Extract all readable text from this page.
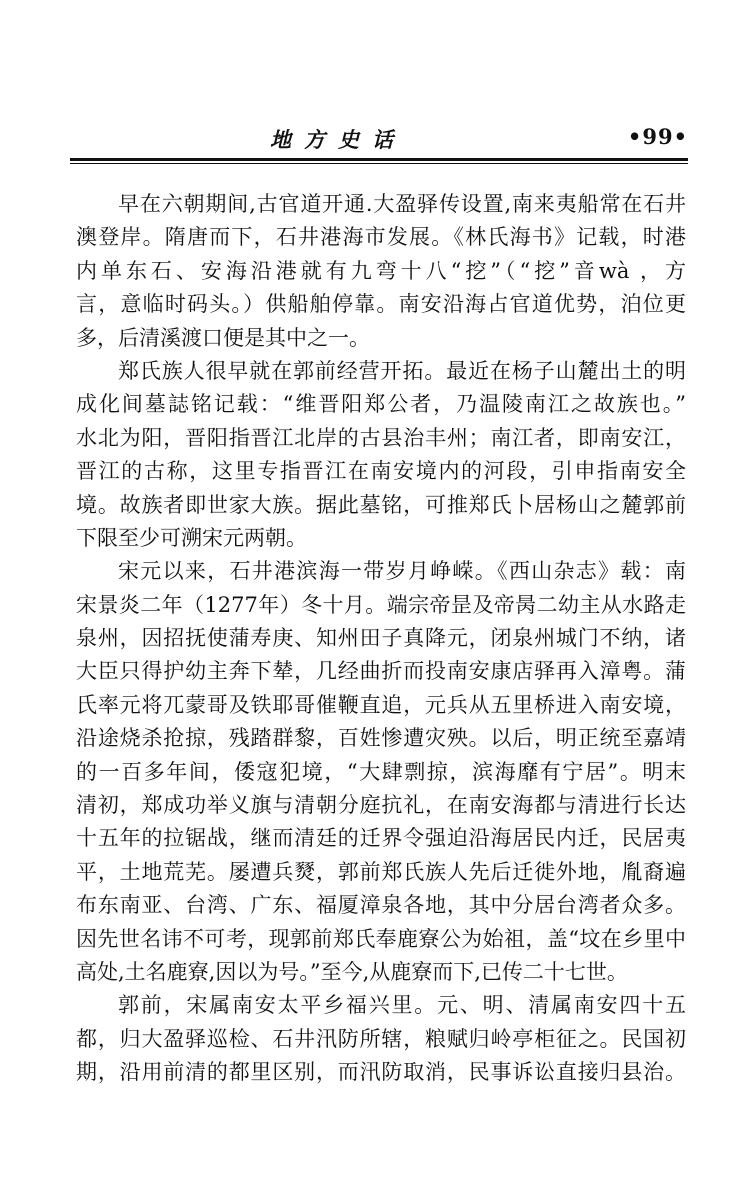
地方史话	•99•
早在六朝期间,古官道开通.大盈驿传设置,南来夷船常在石井
澳登岸。隋唐而下，石井港海市发展。《林氏海书》记载，时港
内单东石、安海沿港就有九弯十八“挖”（“挖”音wà ，方
言，意临时码头。）供船舶停靠。南安沿海占官道优势，泊位更
多，后清溪渡口便是其中之一。
郑氏族人很早就在郭前经营开拓。最近在杨子山麓出土的明
成化间墓誌铭记载：“维晋阳郑公者，乃温陵南江之故族也。”
水北为阳，晋阳指晋江北岸的古县治丰州；南江者，即南安江，
晋江的古称，这里专指晋江在南安境内的河段，引申指南安全
境。故族者即世家大族。据此墓铭，可推郑氏卜居杨山之麓郭前
下限至少可溯宋元两朝。
宋元以来，石井港滨海一带岁月峥嵘。《西山杂志》载：南
宋景炎二年（1277年）冬十月。端宗帝昰及帝昺二幼主从水路走
泉州，因招抚使蒲寿庚、知州田子真降元，闭泉州城门不纳，诸
大臣只得护幼主奔下辇，几经曲折而投南安康店驿再入漳粤。蒲
氏率元将兀蒙哥及铁耶哥催鞭直追，元兵从五里桥进入南安境，
沿途烧杀抢掠，残踏群黎，百姓惨遭灾殃。以后，明正统至嘉靖
的一百多年间，倭寇犯境，“大肆剽掠，滨海靡有宁居”。明末
清初，郑成功举义旗与清朝分庭抗礼，在南安海都与清进行长达
十五年的拉锯战，继而清廷的迁界令强迫沿海居民内迁，民居夷
平，土地荒芜。屡遭兵燹，郭前郑氏族人先后迁徙外地，胤裔遍
布东南亚、台湾、广东、福厦漳泉各地，其中分居台湾者众多。
因先世名讳不可考，现郭前郑氏奉鹿寮公为始祖，盖“坟在乡里中
高处,土名鹿寮,因以为号。”至今,从鹿寮而下,已传二十七世。
郭前，宋属南安太平乡福兴里。元、明、清属南安四十五
都，归大盈驿巡检、石井汛防所辖，粮赋归岭亭柜征之。民国初
期，沿用前清的都里区别，而汛防取消，民事诉讼直接归县治。
